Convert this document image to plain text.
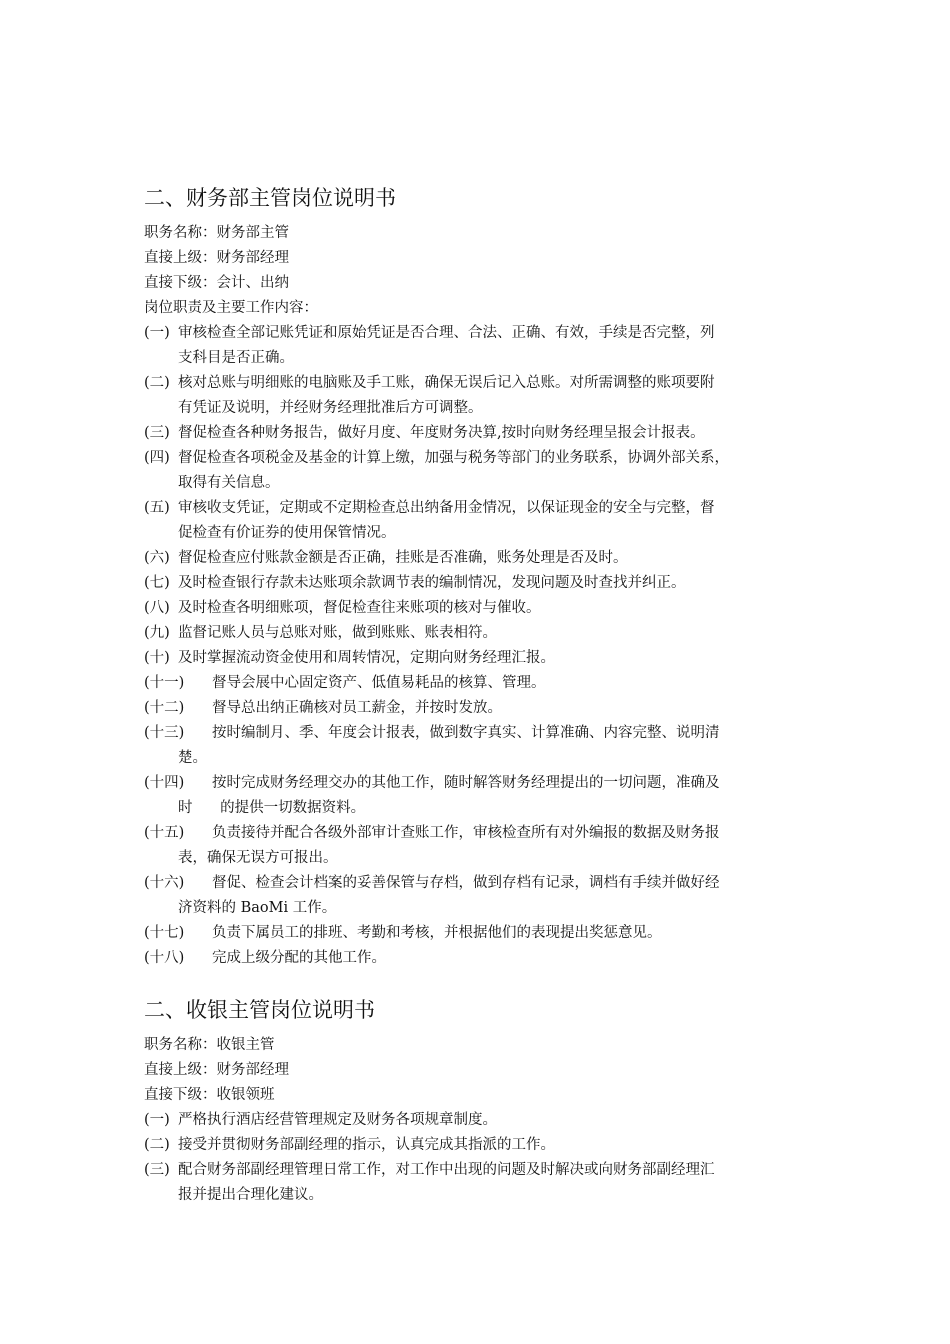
二、财务部主管岗位说明书
职务名称：财务部主管
直接上级：财务部经理
直接下级：会计、出纳
岗位职责及主要工作内容：
(一) 审核检查全部记账凭证和原始凭证是否合理、合法、正确、有效，手续是否完整，列
支科目是否正确。
(二) 核对总账与明细账的电脑账及手工账，确保无误后记入总账。对所需调整的账项要附
有凭证及说明，并经财务经理批准后方可调整。
(三) 督促检查各种财务报告，做好月度、年度财务决算,按时向财务经理呈报会计报表。
(四) 督促检查各项税金及基金的计算上缴，加强与税务等部门的业务联系，协调外部关系，
取得有关信息。
(五) 审核收支凭证，定期或不定期检查总出纳备用金情况，以保证现金的安全与完整，督
促检查有价证券的使用保管情况。
(六) 督促检查应付账款金额是否正确，挂账是否准确，账务处理是否及时。
(七) 及时检查银行存款未达账项余款调节表的编制情况，发现问题及时查找并纠正。
(八) 及时检查各明细账项，督促检查往来账项的核对与催收。
(九) 监督记账人员与总账对账，做到账账、账表相符。
(十) 及时掌握流动资金使用和周转情况，定期向财务经理汇报。
(十一)	督导会展中心固定资产、低值易耗品的核算、管理。
(十二)	督导总出纳正确核对员工薪金，并按时发放。
(十三)	按时编制月、季、年度会计报表，做到数字真实、计算准确、内容完整、说明清
楚。
(十四)	按时完成财务经理交办的其他工作，随时解答财务经理提出的一切问题，准确及
时      的提供一切数据资料。
(十五)	负责接待并配合各级外部审计查账工作，审核检查所有对外编报的数据及财务报
表，确保无误方可报出。
(十六)	督促、检查会计档案的妥善保管与存档，做到存档有记录，调档有手续并做好经
济资料的 BaoMi 工作。
(十七)	负责下属员工的排班、考勤和考核，并根据他们的表现提出奖惩意见。
(十八)	完成上级分配的其他工作。
二、收银主管岗位说明书
职务名称：收银主管
直接上级：财务部经理
直接下级：收银领班
(一) 严格执行酒店经营管理规定及财务各项规章制度。
(二) 接受并贯彻财务部副经理的指示，认真完成其指派的工作。
(三) 配合财务部副经理管理日常工作，对工作中出现的问题及时解决或向财务部副经理汇
报并提出合理化建议。
